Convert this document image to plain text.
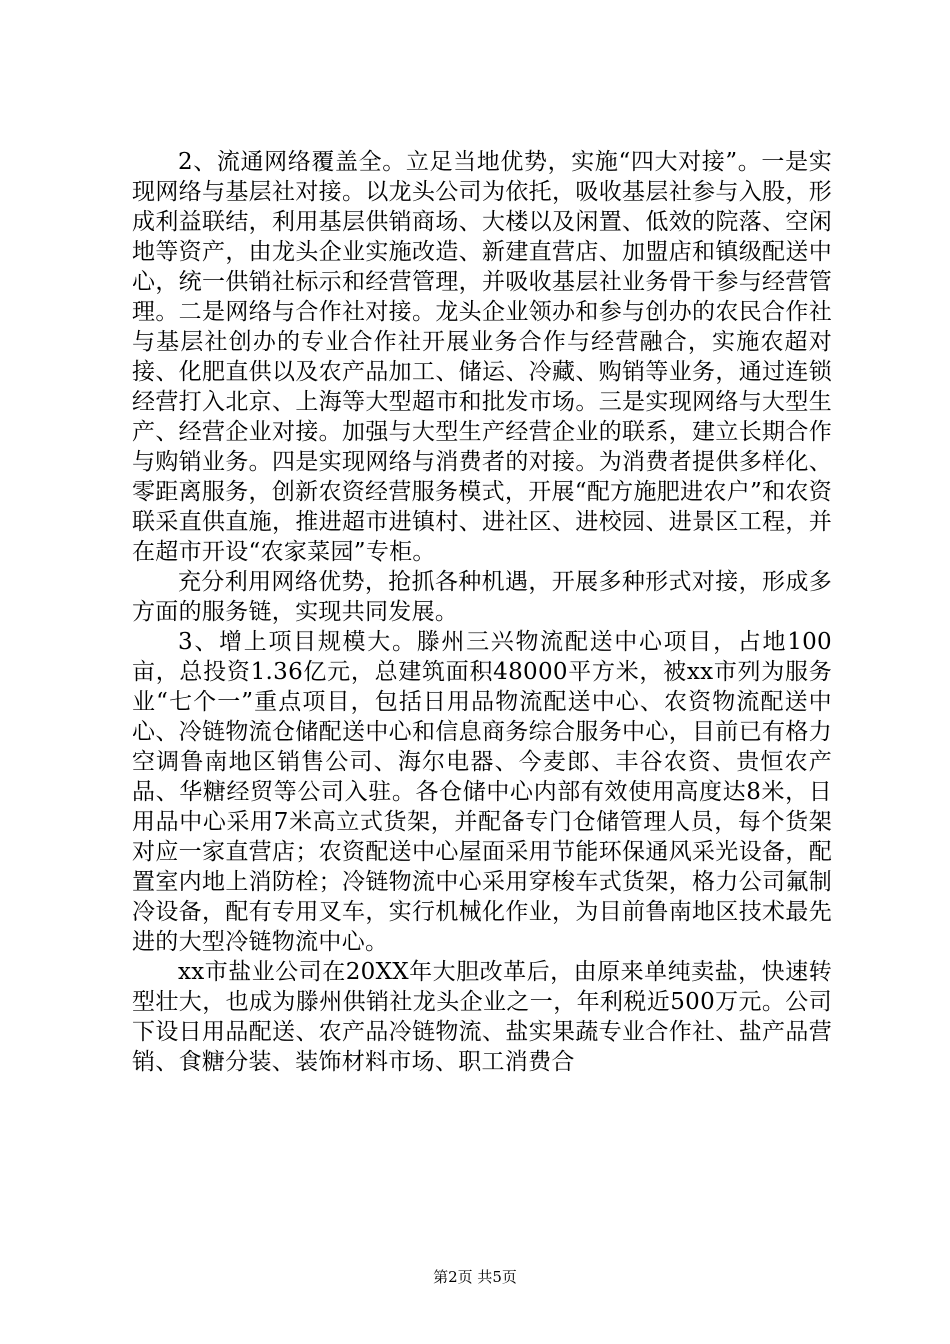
2、流通网络覆盖全。立足当地优势，实施“四大对接”。一是实现网络与基层社对接。以龙头公司为依托，吸收基层社参与入股，形成利益联结，利用基层供销商场、大楼以及闲置、低效的院落、空闲地等资产，由龙头企业实施改造、新建直营店、加盟店和镇级配送中心，统一供销社标示和经营管理，并吸收基层社业务骨干参与经营管理。二是网络与合作社对接。龙头企业领办和参与创办的农民合作社与基层社创办的专业合作社开展业务合作与经营融合，实施农超对接、化肥直供以及农产品加工、储运、冷藏、购销等业务，通过连锁经营打入北京、上海等大型超市和批发市场。三是实现网络与大型生产、经营企业对接。加强与大型生产经营企业的联系，建立长期合作与购销业务。四是实现网络与消费者的对接。为消费者提供多样化、零距离服务，创新农资经营服务模式，开展“配方施肥进农户”和农资联采直供直施，推进超市进镇村、进社区、进校园、进景区工程，并在超市开设“农家菜园”专柜。

充分利用网络优势，抢抓各种机遇，开展多种形式对接，形成多方面的服务链，实现共同发展。

3、增上项目规模大。滕州三兴物流配送中心项目，占地100亩，总投资1.36亿元，总建筑面积48000平方米，被xx市列为服务业“七个一”重点项目，包括日用品物流配送中心、农资物流配送中心、冷链物流仓储配送中心和信息商务综合服务中心，目前已有格力空调鲁南地区销售公司、海尔电器、今麦郎、丰谷农资、贵恒农产品、华糖经贸等公司入驻。各仓储中心内部有效使用高度达8米，日用品中心采用7米高立式货架，并配备专门仓储管理人员，每个货架对应一家直营店；农资配送中心屋面采用节能环保通风采光设备，配置室内地上消防栓；冷链物流中心采用穿梭车式货架，格力公司氟制冷设备，配有专用叉车，实行机械化作业，为目前鲁南地区技术最先进的大型冷链物流中心。

xx市盐业公司在20XX年大胆改革后，由原来单纯卖盐，快速转型壮大，也成为滕州供销社龙头企业之一，年利税近500万元。公司下设日用品配送、农产品冷链物流、盐实果蔬专业合作社、盐产品营销、食糖分装、装饰材料市场、职工消费合

第2页 共5页
